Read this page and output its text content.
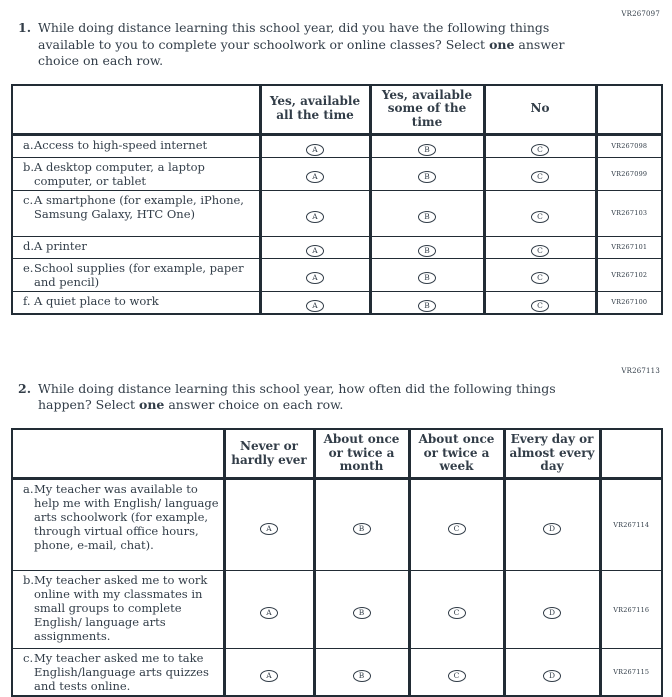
VR267097
1. While doing distance learning this school year, did you have the following things available to you to complete your schoolwork or online classes? Select one answer choice on each row.
	Yes, available all the time	Yes, available some of the time	No	

a. Access to high-speed internet	A	B	C	VR267098

b. A desktop computer, a laptop computer, or tablet	A	B	C	VR267099

c. A smartphone (for example, iPhone, Samsung Galaxy, HTC One)	A	B	C	VR267103

d. A printer	A	B	C	VR267101

e. School supplies (for example, paper and pencil)	A	B	C	VR267102

f. A quiet place to work	A	B	C	VR267100
VR267113
2. While doing distance learning this school year, how often did the following things happen? Select one answer choice on each row.
	Never or hardly ever	About once or twice a month	About once or twice a week	Every day or almost every day	

a. My teacher was available to help me with English/ language arts schoolwork (for example, through virtual office hours, phone, e-mail, chat).	A	B	C	D	VR267114

b. My teacher asked me to work online with my classmates in small groups to complete English/ language arts assignments.	A	B	C	D	VR267116

c. My teacher asked me to take English/language arts quizzes and tests online.	A	B	C	D	VR267115
